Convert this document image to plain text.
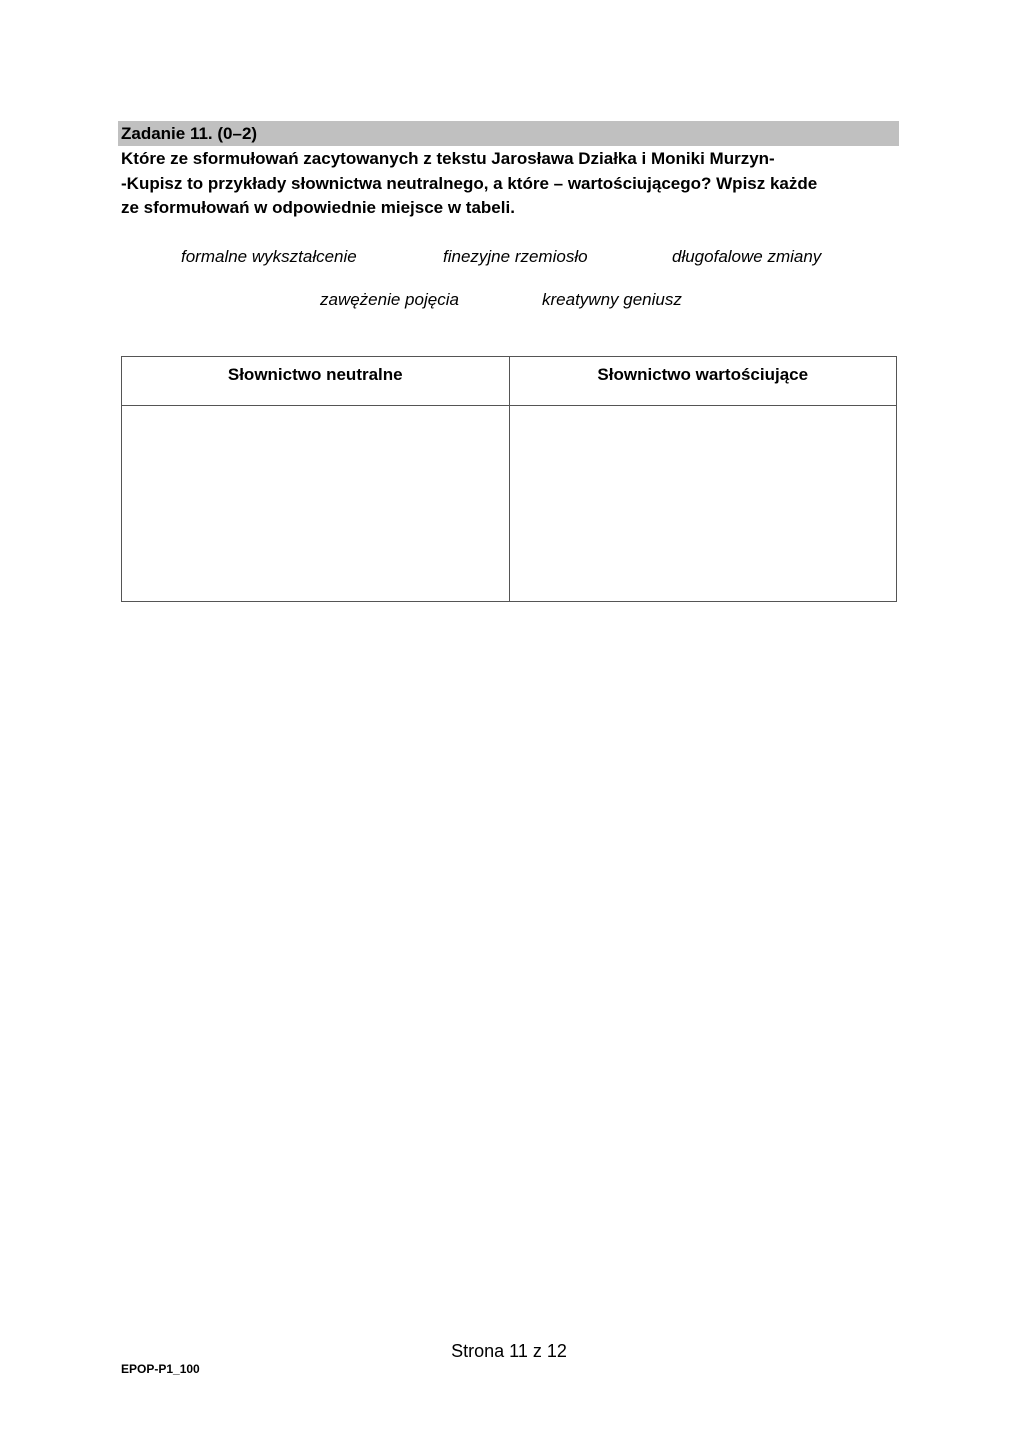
Zadanie 11. (0–2)
Które ze sformułowań zacytowanych z tekstu Jarosława Działka i Moniki Murzyn-
-Kupisz to przykłady słownictwa neutralnego, a które – wartościującego? Wpisz każde
ze sformułowań w odpowiednie miejsce w tabeli.
formalne wykształcenie	finezyjne rzemiosło	długofalowe zmiany
zawężenie pojęcia	kreatywny geniusz
Słownictwo neutralne	Słownictwo wartościujące

Strona 11 z 12
EPOP-P1_100
